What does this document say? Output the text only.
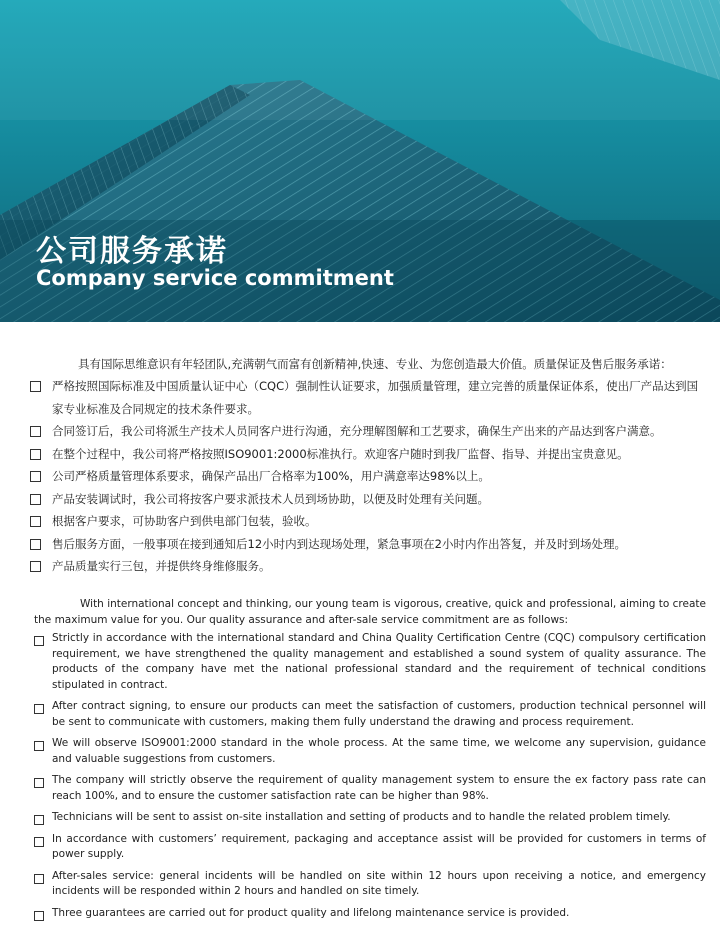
公司服务承诺
Company service commitment

具有国际思维意识有年轻团队,充满朝气而富有创新精神,快速、专业、为您创造最大价值。质量保证及售后服务承诺：

严格按照国际标准及中国质量认证中心（CQC）强制性认证要求，加强质量管理，建立完善的质量保证体系，使出厂产品达到国家专业标准及合同规定的技术条件要求。
合同签订后，我公司将派生产技术人员同客户进行沟通，充分理解图解和工艺要求，确保生产出来的产品达到客户满意。
在整个过程中，我公司将严格按照ISO9001:2000标准执行。欢迎客户随时到我厂监督、指导、并提出宝贵意见。
公司严格质量管理体系要求，确保产品出厂合格率为100%，用户满意率达98%以上。
产品安装调试时，我公司将按客户要求派技术人员到场协助，以便及时处理有关问题。
根据客户要求，可协助客户到供电部门包装，验收。
售后服务方面，一般事项在接到通知后12小时内到达现场处理，紧急事项在2小时内作出答复，并及时到场处理。
产品质量实行三包，并提供终身维修服务。

With international concept and thinking, our young team is vigorous, creative, quick and professional, aiming to create the maximum value for you. Our quality assurance and after-sale service commitment are as follows:

Strictly in accordance with the international standard and China Quality Certification Centre (CQC) compulsory certification requirement, we have strengthened the quality management and established a sound system of quality assurance. The products of the company have met the national professional standard and the requirement of technical conditions stipulated in contract.
After contract signing, to ensure our products can meet the satisfaction of customers, production technical personnel will be sent to communicate with customers, making them fully understand the drawing and process requirement.
We will observe ISO9001:2000 standard in the whole process. At the same time, we welcome any supervision, guidance and valuable suggestions from customers.
The company will strictly observe the requirement of quality management system to ensure the ex factory pass rate can reach 100%, and to ensure the customer satisfaction rate can be higher than 98%.
Technicians will be sent to assist on-site installation and setting of products and to handle the related problem timely.
In accordance with customers’ requirement, packaging and acceptance assist will be provided for customers in terms of power supply.
After-sales service: general incidents will be handled on site within 12 hours upon receiving a notice, and emergency incidents will be responded within 2 hours and handled on site timely.
Three guarantees are carried out for product quality and lifelong maintenance service is provided.
